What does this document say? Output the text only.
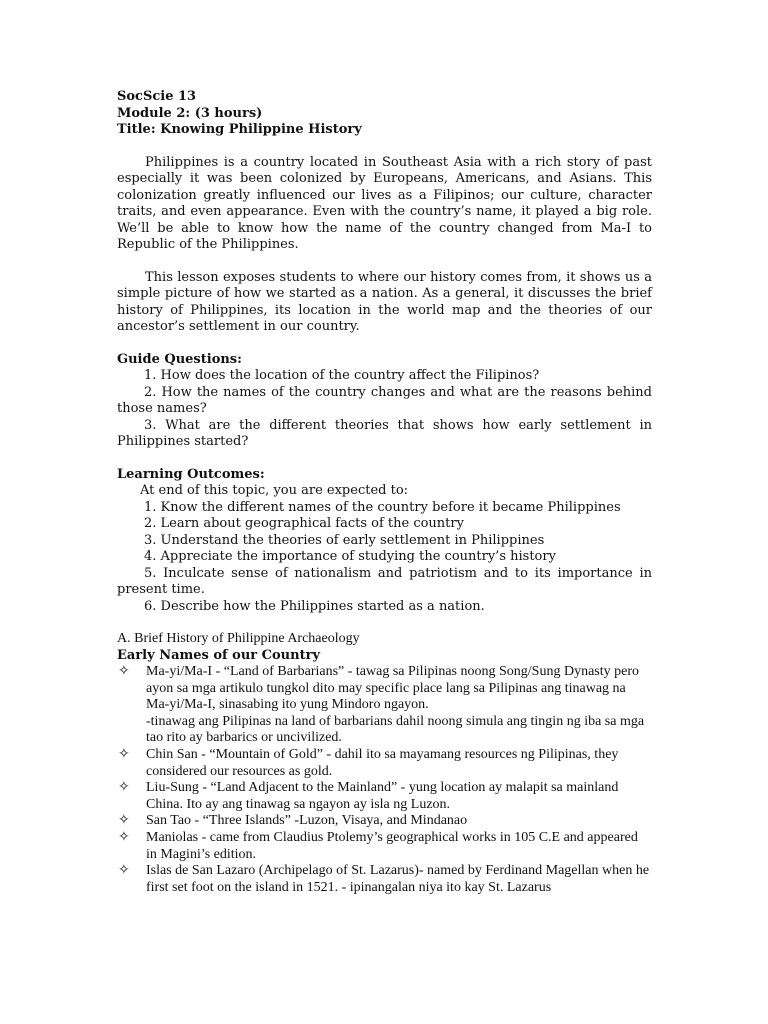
SocScie 13
Module 2: (3 hours)
Title: Knowing Philippine History

Philippines is a country located in Southeast Asia with a rich story of past especially it was been colonized by Europeans, Americans, and Asians. This colonization greatly influenced our lives as a Filipinos; our culture, character traits, and even appearance. Even with the country’s name, it played a big role. We’ll be able to know how the name of the country changed from Ma-I to Republic of the Philippines.

This lesson exposes students to where our history comes from, it shows us a simple picture of how we started as a nation. As a general, it discusses the brief history of Philippines, its location in the world map and the theories of our ancestor’s settlement in our country.

Guide Questions:
1. How does the location of the country affect the Filipinos?
2. How the names of the country changes and what are the reasons behind those names?
3. What are the different theories that shows how early settlement in Philippines started?
Learning Outcomes:
At end of this topic, you are expected to:
1. Know the different names of the country before it became Philippines
2. Learn about geographical facts of the country
3. Understand the theories of early settlement in Philippines
4. Appreciate the importance of studying the country’s history
5. Inculcate sense of nationalism and patriotism and to its importance in present time.
6. Describe how the Philippines started as a nation.
A. Brief History of Philippine Archaeology
Early Names of our Country
✧ Ma-yi/Ma-I - “Land of Barbarians” - tawag sa Pilipinas noong Song/Sung Dynasty pero ayon sa mga artikulo tungkol dito may specific place lang sa Pilipinas ang tinawag na Ma-yi/Ma-I, sinasabing ito yung Mindoro ngayon.
-tinawag ang Pilipinas na land of barbarians dahil noong simula ang tingin ng iba sa mga tao rito ay barbarics or uncivilized.
✧ Chin San - “Mountain of Gold” - dahil ito sa mayamang resources ng Pilipinas, they considered our resources as gold.
✧ Liu-Sung - “Land Adjacent to the Mainland” - yung location ay malapit sa mainland China. Ito ay ang tinawag sa ngayon ay isla ng Luzon.
✧ San Tao - “Three Islands” -Luzon, Visaya, and Mindanao
✧ Maniolas - came from Claudius Ptolemy’s geographical works in 105 C.E and appeared in Magini’s edition.
✧ Islas de San Lazaro (Archipelago of St. Lazarus)- named by Ferdinand Magellan when he first set foot on the island in 1521. - ipinangalan niya ito kay St. Lazarus
